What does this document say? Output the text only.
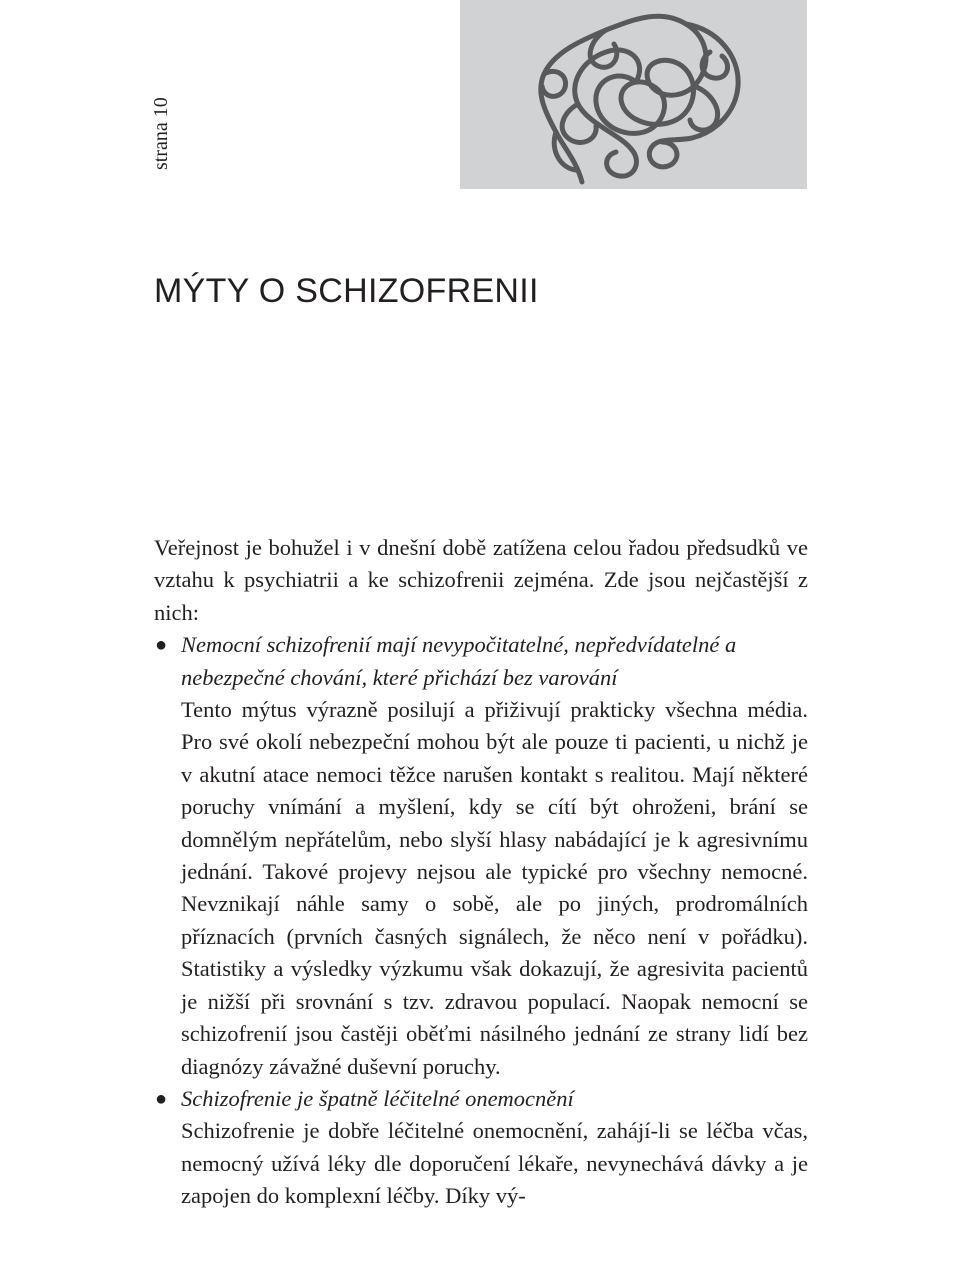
strana 10
MÝTY O SCHIZOFRENII

Veřejnost je bohužel i v dnešní době zatížena celou řadou předsudků ve vztahu k psychiatrii a ke schizofrenii zejména. Zde jsou nejčastější z nich:

● Nemocní schizofrenií mají nevypočitatelné, nepředvídatelné a nebezpečné chování, které přichází bez varování

Tento mýtus výrazně posilují a přiživují prakticky všechna média. Pro své okolí nebezpeční mohou být ale pouze ti pacienti, u nichž je v akutní atace nemoci těžce narušen kontakt s realitou. Mají některé poruchy vnímání a myšlení, kdy se cítí být ohroženi, brání se domnělým nepřátelům, nebo slyší hlasy nabádající je k agresivnímu jednání. Takové projevy nejsou ale typické pro všechny nemocné. Nevznikají náhle samy o sobě, ale po jiných, prodromálních příznacích (prvních časných signálech, že něco není v pořádku). Statistiky a výsledky výzkumu však dokazují, že agresivita pacientů je nižší při srovnání s tzv. zdravou populací. Naopak nemocní se schizofrenií jsou častěji oběťmi násilného jednání ze strany lidí bez diagnózy závažné duševní poruchy.

● Schizofrenie je špatně léčitelné onemocnění

Schizofrenie je dobře léčitelné onemocnění, zahájí-li se léčba včas, nemocný užívá léky dle doporučení lékaře, nevynechává dávky a je zapojen do komplexní léčby. Díky vý-
